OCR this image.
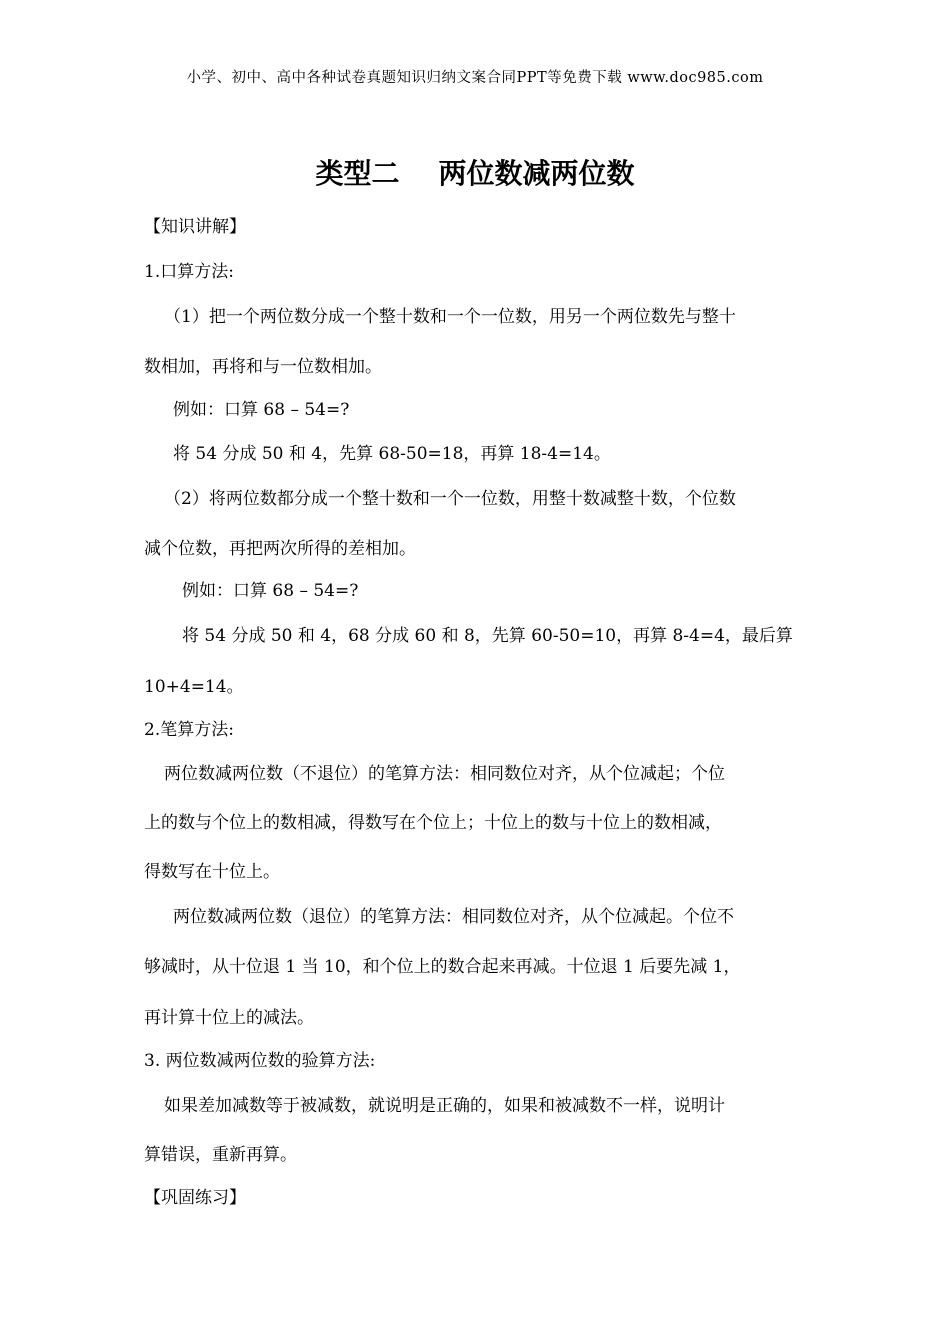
小学、初中、高中各种试卷真题知识归纳文案合同PPT等免费下载 www.doc985.com
类型二    两位数减两位数
【知识讲解】
1.口算方法:
（1）把一个两位数分成一个整十数和一个一位数，用另一个两位数先与整十
数相加，再将和与一位数相加。
例如：口算 68 – 54=?
将 54 分成 50 和 4，先算 68-50=18，再算 18-4=14。
（2）将两位数都分成一个整十数和一个一位数，用整十数减整十数，个位数
减个位数，再把两次所得的差相加。
例如：口算 68 – 54=?
将 54 分成 50 和 4，68 分成 60 和 8，先算 60-50=10，再算 8-4=4，最后算
10+4=14。
2.笔算方法:
两位数减两位数（不退位）的笔算方法：相同数位对齐，从个位减起；个位
上的数与个位上的数相减，得数写在个位上；十位上的数与十位上的数相减，
得数写在十位上。
两位数减两位数（退位）的笔算方法：相同数位对齐，从个位减起。个位不
够减时，从十位退 1 当 10，和个位上的数合起来再减。十位退 1 后要先减 1，
再计算十位上的减法。
3. 两位数减两位数的验算方法:
如果差加减数等于被减数，就说明是正确的，如果和被减数不一样，说明计
算错误，重新再算。
【巩固练习】
